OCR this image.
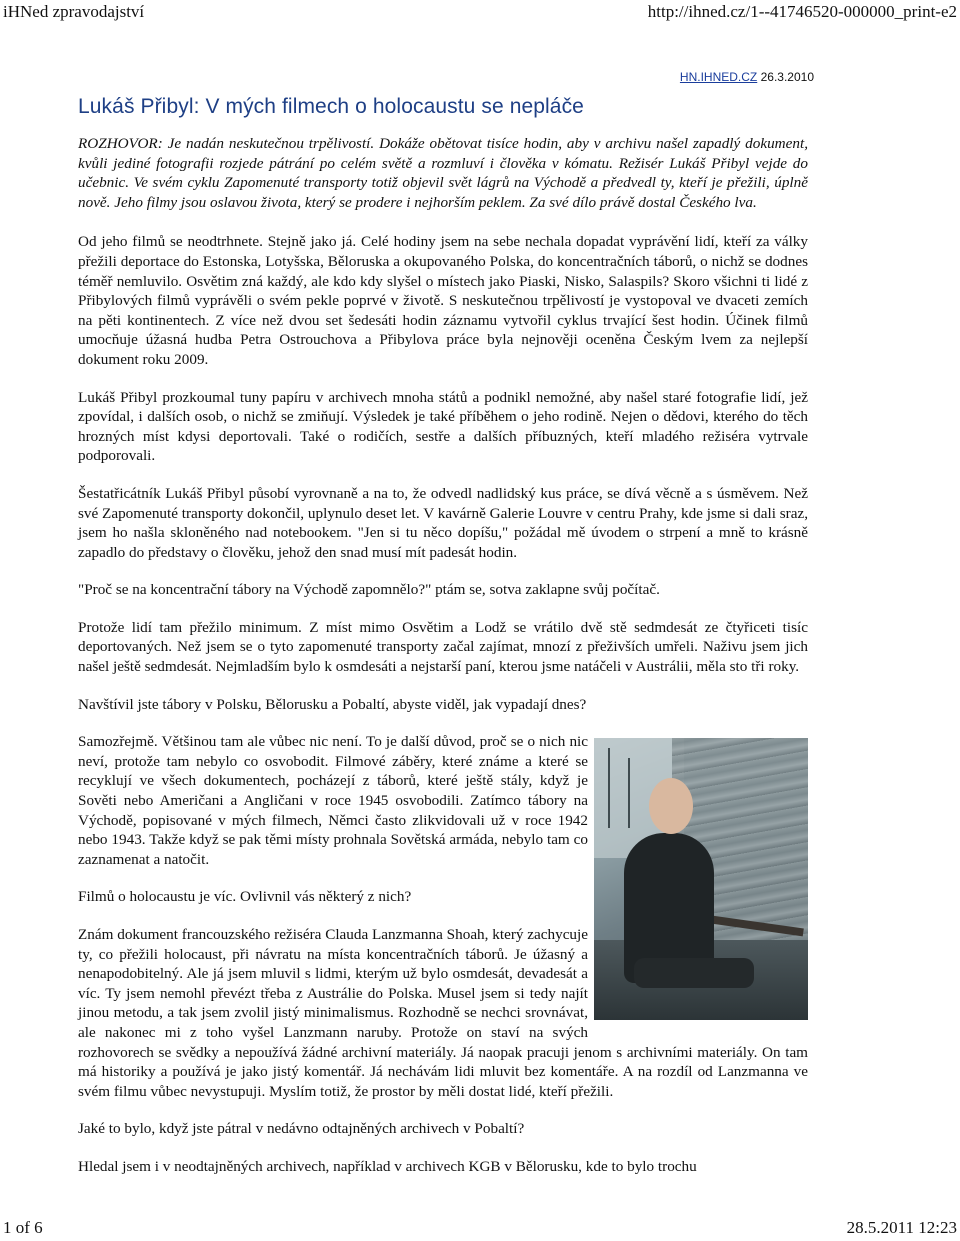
iHNed zpravodajství	http://ihned.cz/1--41746520-000000_print-e2
HN.IHNED.CZ 26.3.2010
Lukáš Přibyl: V mých filmech o holocaustu se nepláče

ROZHOVOR: Je nadán neskutečnou trpělivostí. Dokáže obětovat tisíce hodin, aby v archivu našel zapadlý dokument, kvůli jediné fotografii rozjede pátrání po celém světě a rozmluví i člověka v kómatu. Režisér Lukáš Přibyl vejde do učebnic. Ve svém cyklu Zapomenuté transporty totiž objevil svět lágrů na Východě a předvedl ty, kteří je přežili, úplně nově. Jeho filmy jsou oslavou života, který se prodere i nejhorším peklem. Za své dílo právě dostal Českého lva.

Od jeho filmů se neodtrhnete. Stejně jako já. Celé hodiny jsem na sebe nechala dopadat vyprávění lidí, kteří za války přežili deportace do Estonska, Lotyšska, Běloruska a okupovaného Polska, do koncentračních táborů, o nichž se dodnes téměř nemluvilo. Osvětim zná každý, ale kdo kdy slyšel o místech jako Piaski, Nisko, Salaspils? Skoro všichni ti lidé z Přibylových filmů vyprávěli o svém pekle poprvé v životě. S neskutečnou trpělivostí je vystopoval ve dvaceti zemích na pěti kontinentech. Z více než dvou set šedesáti hodin záznamu vytvořil cyklus trvající šest hodin. Účinek filmů umocňuje úžasná hudba Petra Ostrouchova a Přibylova práce byla nejnověji oceněna Českým lvem za nejlepší dokument roku 2009.

Lukáš Přibyl prozkoumal tuny papíru v archivech mnoha států a podnikl nemožné, aby našel staré fotografie lidí, jež zpovídal, i dalších osob, o nichž se zmiňují. Výsledek je také příběhem o jeho rodině. Nejen o dědovi, kterého do těch hrozných míst kdysi deportovali. Také o rodičích, sestře a dalších příbuzných, kteří mladého režiséra vytrvale podporovali.

Šestatřicátník Lukáš Přibyl působí vyrovnaně a na to, že odvedl nadlidský kus práce, se dívá věcně a s úsměvem. Než své Zapomenuté transporty dokončil, uplynulo deset let. V kavárně Galerie Louvre v centru Prahy, kde jsme si dali sraz, jsem ho našla skloněného nad notebookem. "Jen si tu něco dopíšu," požádal mě úvodem o strpení a mně to krásně zapadlo do představy o člověku, jehož den snad musí mít padesát hodin.

"Proč se na koncentrační tábory na Východě zapomnělo?" ptám se, sotva zaklapne svůj počítač.

Protože lidí tam přežilo minimum. Z míst mimo Osvětim a Lodž se vrátilo dvě stě sedmdesát ze čtyřiceti tisíc deportovaných. Než jsem se o tyto zapomenuté transporty začal zajímat, mnozí z přeživších umřeli. Naživu jsem jich našel ještě sedmdesát. Nejmladším bylo k osmdesáti a nejstarší paní, kterou jsme natáčeli v Austrálii, měla sto tři roky.

Navštívil jste tábory v Polsku, Bělorusku a Pobaltí, abyste viděl, jak vypadají dnes?

Samozřejmě. Většinou tam ale vůbec nic není. To je další důvod, proč se o nich nic neví, protože tam nebylo co osvobodit. Filmové záběry, které známe a které se recyklují ve všech dokumentech, pocházejí z táborů, které ještě stály, když je Sověti nebo Američani a Angličani v roce 1945 osvobodili. Zatímco tábory na Východě, popisované v mých filmech, Němci často zlikvidovali už v roce 1942 nebo 1943. Takže když se pak těmi místy prohnala Sovětská armáda, nebylo tam co zaznamenat a natočit.

Filmů o holocaustu je víc. Ovlivnil vás některý z nich?

Znám dokument francouzského režiséra Clauda Lanzmanna Shoah, který zachycuje ty, co přežili holocaust, při návratu na místa koncentračních táborů. Je úžasný a nenapodobitelný. Ale já jsem mluvil s lidmi, kterým už bylo osmdesát, devadesát a víc. Ty jsem nemohl převézt třeba z Austrálie do Polska. Musel jsem si tedy najít jinou metodu, a tak jsem zvolil jistý minimalismus. Rozhodně se nechci srovnávat, ale nakonec mi z toho vyšel Lanzmann naruby. Protože on staví na svých rozhovorech se svědky a nepoužívá žádné archivní materiály. Já naopak pracuji jenom s archivními materiály. On tam má historiky a používá je jako jistý komentář. Já nechávám lidi mluvit bez komentáře. A na rozdíl od Lanzmanna ve svém filmu vůbec nevystupuji. Myslím totiž, že prostor by měli dostat lidé, kteří přežili.

Jaké to bylo, když jste pátral v nedávno odtajněných archivech v Pobaltí?

Hledal jsem i v neodtajněných archivech, například v archivech KGB v Bělorusku, kde to bylo trochu

1 of 6	28.5.2011 12:23
